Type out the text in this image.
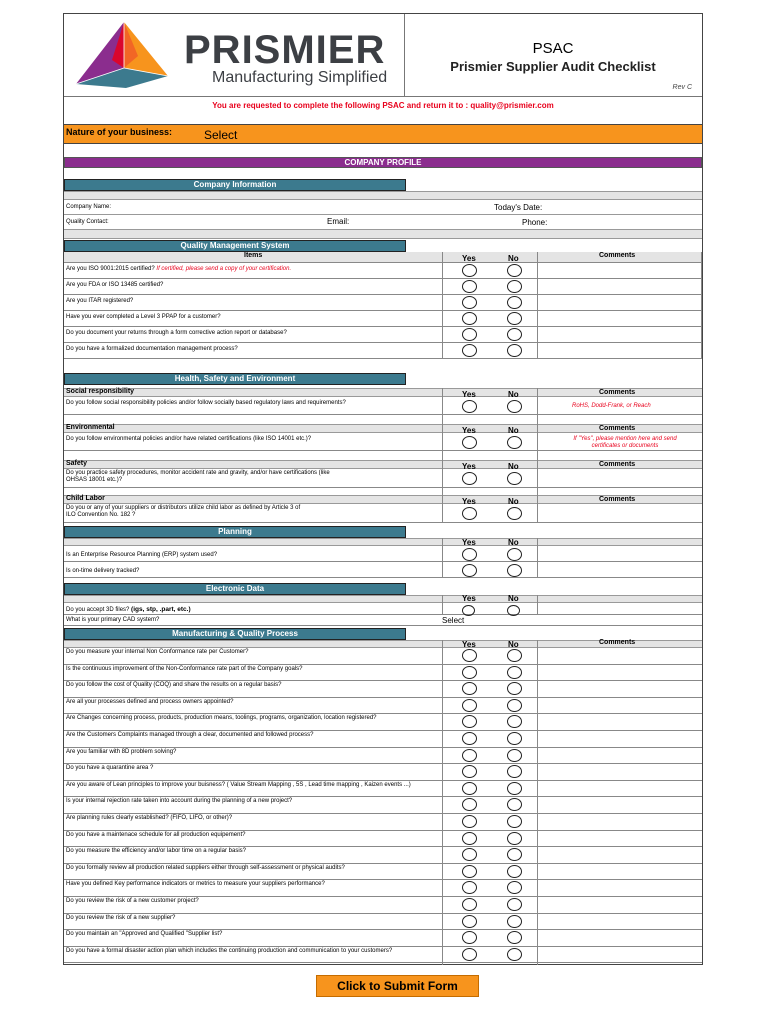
PRISMIER
Manufacturing Simplified
PSAC
Prismier Supplier Audit Checklist
Rev C
You are requested to complete the following PSAC and return it to : quality@prismier.com
Nature of your business:	Select
COMPANY PROFILE
Company Information
Company Name:	Today's Date:
Quality Contact:	Email:	Phone:
Quality Management System
Items	Yes	No	Comments
Are you ISO 9001:2015 certified? If certified, please send a copy of your certification.
Are you FDA or ISO 13485 certified?
Are you ITAR registered?
Have you ever completed a Level 3 PPAP for a customer?
Do you document your returns through a form corrective action report or database?
Do you have a formalized documentation management process?
Health, Safety and Environment
Social responsibility	Yes	No	Comments
Do you follow social responsibility policies and/or follow socially based regulatory laws and requirements?	RoHS, Dodd-Frank, or Reach
Environmental	Yes	No	Comments
Do you follow environmental policies and/or have related certifications (like ISO 14001 etc.)?	If "Yes", please mention here and send
certificates or documents
Safety	Yes	No	Comments
Do you practice safety procedures, monitor accident rate and gravity, and/or have certifications (like
OHSAS 18001 etc.)?
Child Labor	Yes	No	Comments
Do you or any of your suppliers or distributors utilize child labor as defined by Article 3 of
ILO Convention No. 182 ?
Planning
Yes	No
Is an Enterprise Resource Planning (ERP) system used?
Is on-time delivery tracked?
Electronic Data
Yes	No
Do you accept 3D files? (igs, stp, .part, etc.)
What is your primary CAD system?	Select
Manufacturing & Quality Process
Yes	No	Comments
Do you measure your internal Non Conformance rate per Customer?
Is the continuous improvement of the Non-Conformance rate part of the Company goals?
Do you follow the cost of Quality (COQ) and share the results on a regular basis?
Are all your processes defined and process owners appointed?
Are Changes concerning process, products, production means, toolings, programs, organization, location registered?
Are the Customers Complaints managed through a clear, documented and followed process?
Are you familiar with 8D problem solving?
Do you have a quarantine area ?
Are you aware of Lean principles to improve your buisness? ( Value Stream Mapping , 5S , Lead time mapping , Kaizen events ...)
Is your internal rejection rate taken into account during the planning of a new project?
Are planning rules clearly established? (FIFO, LIFO, or other)?
Do you have a maintenace schedule for all production equipement?
Do you measure the efficiency and/or labor time on a regular basis?
Do you formally review all production related suppliers either through self-assessment or physical audits?
Have you defined Key performance indicators or metrics to measure your suppliers performance?
Do you review the risk of a new customer project?
Do you review the risk of a new supplier?
Do you maintain an "Approved and Qualified "Supplier list?
Do you have a formal disaster action plan which includes the continuing production and communication to your customers?
Click to Submit Form
